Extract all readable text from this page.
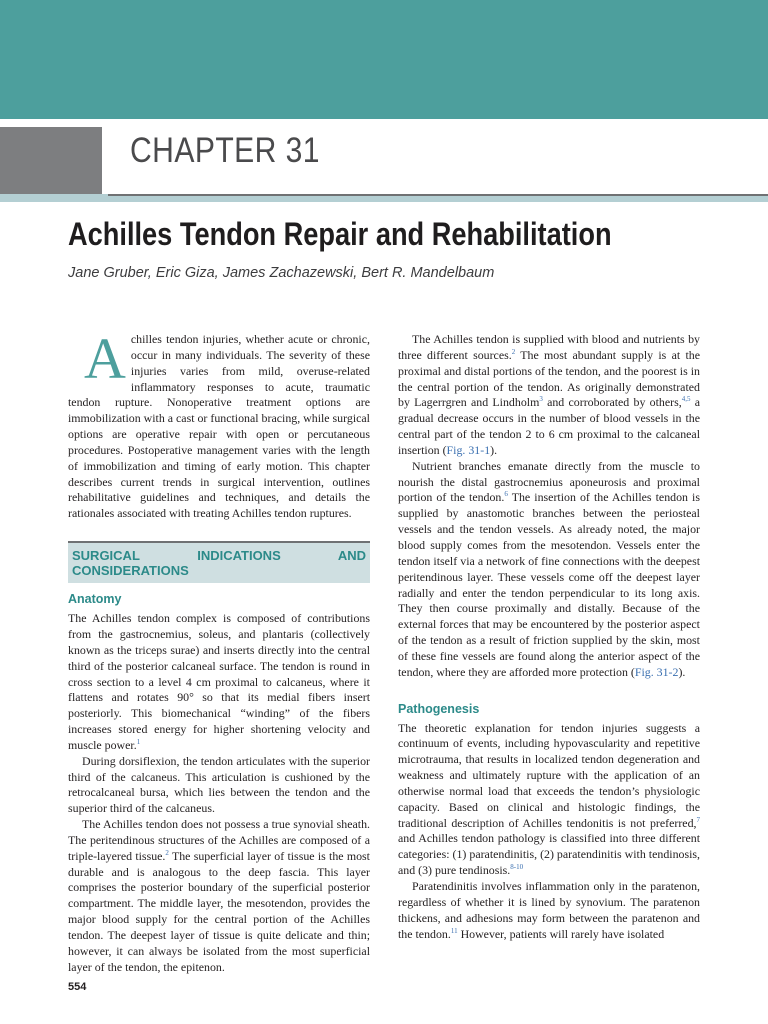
CHAPTER 31
Achilles Tendon Repair and Rehabilitation
Jane Gruber, Eric Giza, James Zachazewski, Bert R. Mandelbaum

Achilles tendon injuries, whether acute or chronic, occur in many individuals. The severity of these injuries varies from mild, overuse-related inflammatory responses to acute, traumatic tendon rupture. Nonoperative treatment options are immobilization with a cast or functional bracing, while surgical options are operative repair with open or percutaneous procedures. Postoperative management varies with the length of immobilization and timing of early motion. This chapter describes current trends in surgical intervention, outlines rehabilitative guidelines and techniques, and details the rationales associated with treating Achilles tendon ruptures.

SURGICAL INDICATIONS AND CONSIDERATIONS
Anatomy

The Achilles tendon complex is composed of contributions from the gastrocnemius, soleus, and plantaris (collectively known as the triceps surae) and inserts directly into the central third of the posterior calcaneal surface. The tendon is round in cross section to a level 4 cm proximal to calcaneus, where it flattens and rotates 90° so that its medial fibers insert posteriorly. This biomechanical “winding” of the fibers increases stored energy for higher shortening velocity and muscle power.$^1$

During dorsiflexion, the tendon articulates with the superior third of the calcaneus. This articulation is cushioned by the retrocalcaneal bursa, which lies between the tendon and the superior third of the calcaneus.

The Achilles tendon does not possess a true synovial sheath. The peritendinous structures of the Achilles are composed of a triple-layered tissue.$^2$ The superficial layer of tissue is the most durable and is analogous to the deep fascia. This layer comprises the posterior boundary of the superficial posterior compartment. The middle layer, the mesotendon, provides the major blood supply for the central portion of the Achilles tendon. The deepest layer of tissue is quite delicate and thin; however, it can always be isolated from the most superficial layer of the tendon, the epitenon.

The Achilles tendon is supplied with blood and nutrients by three different sources.$^2$ The most abundant supply is at the proximal and distal portions of the tendon, and the poorest is in the central portion of the tendon. As originally demonstrated by Lagerrgren and Lindholm$^3$ and corroborated by others,$^{4,5}$ a gradual decrease occurs in the number of blood vessels in the central part of the tendon 2 to 6 cm proximal to the calcaneal insertion (Fig. 31-1).

Nutrient branches emanate directly from the muscle to nourish the distal gastrocnemius aponeurosis and proximal portion of the tendon.$^6$ The insertion of the Achilles tendon is supplied by anastomotic branches between the periosteal vessels and the tendon vessels. As already noted, the major blood supply comes from the mesotendon. Vessels enter the tendon itself via a network of fine connections with the deepest peritendinous layer. These vessels come off the deepest layer radially and enter the tendon perpendicular to its long axis. They then course proximally and distally. Because of the external forces that may be encountered by the posterior aspect of the tendon as a result of friction supplied by the skin, most of these fine vessels are found along the anterior aspect of the tendon, where they are afforded more protection (Fig. 31-2).

Pathogenesis

The theoretic explanation for tendon injuries suggests a continuum of events, including hypovascularity and repetitive microtrauma, that results in localized tendon degeneration and weakness and ultimately rupture with the application of an otherwise normal load that exceeds the tendon’s physiologic capacity. Based on clinical and histologic findings, the traditional description of Achilles tendonitis is not preferred,$^7$ and Achilles tendon pathology is classified into three different categories: (1) paratendinitis, (2) paratendinitis with tendinosis, and (3) pure tendinosis.$^{8-10}$

Paratendinitis involves inflammation only in the paratenon, regardless of whether it is lined by synovium. The paratenon thickens, and adhesions may form between the paratenon and the tendon.$^{11}$ However, patients will rarely have isolated

554
